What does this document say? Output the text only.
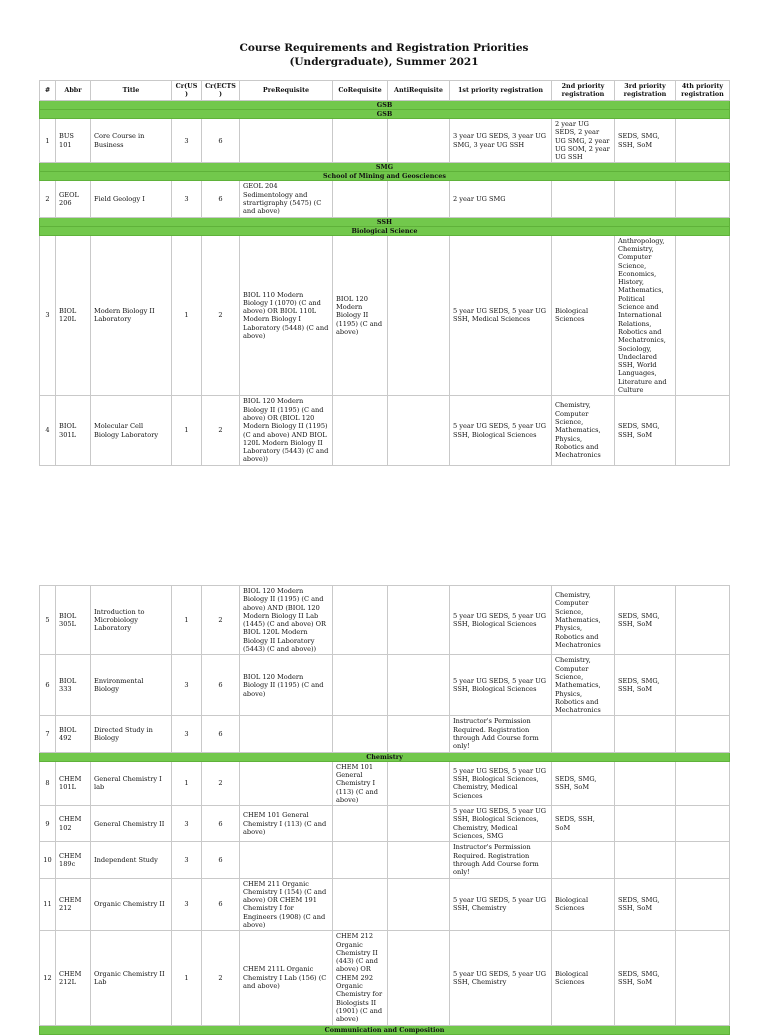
Course Requirements and Registration Priorities
(Undergraduate), Summer 2021
#	Abbr	Title	Cr(US)	Cr(ECTS)	PreRequisite	CoRequisite	AntiRequisite	1st priority registration	2nd priority registration	3rd priority registration	4th priority registration
GSB											
GSB											
1	BUS 101	Core Course in Business	3	6				3 year UG SEDS, 3 year UG SMG, 3 year UG SSH	2 year UG SEDS, 2 year UG SMG, 2 year UG SOM, 2 year UG SSH	SEDS, SMG, SSH, SoM	
SMG											
School of Mining and Geosciences											
2	GEOL 206	Field Geology I	3	6	GEOL 204 Sedimentology and strartigraphy (5475) (C and above)			2 year UG SMG			
SSH											
Biological Science											
3	BIOL 120L	Modern Biology II Laboratory	1	2	BIOL 110 Modern Biology I (1070) (C and above) OR BIOL 110L Modern Biology I Laboratory (5448) (C and above)	BIOL 120 Modern Biology II (1195) (C and above)		5 year UG SEDS, 5 year UG SSH, Medical Sciences	Biological Sciences	Anthropology, Chemistry, Computer Science, Economics, History, Mathematics, Political Science and International Relations, Robotics and Mechatronics, Sociology, Undeclared SSH, World Languages, Literature and Culture	
4	BIOL 301L	Molecular Cell Biology Laboratory	1	2	BIOL 120 Modern Biology II (1195) (C and above) OR (BIOL 120 Modern Biology II (1195) (C and above) AND BIOL 120L Modern Biology II Laboratory (5443) (C and above))			5 year UG SEDS, 5 year UG SSH, Biological Sciences	Chemistry, Computer Science, Mathematics, Physics, Robotics and Mechatronics	SEDS, SMG, SSH, SoM	
5	BIOL 305L	Introduction to Microbiology Laboratory	1	2	BIOL 120 Modern Biology II (1195) (C and above) AND (BIOL 120 Modern Biology II Lab (1445) (C and above) OR BIOL 120L Modern Biology II Laboratory (5443) (C and above))			5 year UG SEDS, 5 year UG SSH, Biological Sciences	Chemistry, Computer Science, Mathematics, Physics, Robotics and Mechatronics	SEDS, SMG, SSH, SoM	
6	BIOL 333	Environmental Biology	3	6	BIOL 120 Modern Biology II (1195) (C and above)			5 year UG SEDS, 5 year UG SSH, Biological Sciences	Chemistry, Computer Science, Mathematics, Physics, Robotics and Mechatronics	SEDS, SMG, SSH, SoM	
7	BIOL 492	Directed Study in Biology	3	6				Instructor's Permission Required. Registration through Add Course form only!			
Chemistry											
8	CHEM 101L	General Chemistry I lab	1	2		CHEM 101 General Chemistry I (113) (C and above)		5 year UG SEDS, 5 year UG SSH, Biological Sciences, Chemistry, Medical Sciences	SEDS, SMG, SSH, SoM		
9	CHEM 102	General Chemistry II	3	6	CHEM 101 General Chemistry I (113) (C and above)			5 year UG SEDS, 5 year UG SSH, Biological Sciences, Chemistry, Medical Sciences, SMG	SEDS, SSH, SoM		
10	CHEM 189c	Independent Study	3	6				Instructor's Permission Required. Registration through Add Course form only!			
11	CHEM 212	Organic Chemistry II	3	6	CHEM 211 Organic Chemistry I (154) (C and above) OR CHEM 191 Chemistry I for Engineers (1908) (C and above)			5 year UG SEDS, 5 year UG SSH, Chemistry	Biological Sciences	SEDS, SMG, SSH, SoM	
12	CHEM 212L	Organic Chemistry II Lab	1	2	CHEM 211L Organic Chemistry I Lab (156) (C and above)	CHEM 212 Organic Chemistry II (443) (C and above) OR CHEM 292 Organic Chemistry for Biologists II (1901) (C and above)		5 year UG SEDS, 5 year UG SSH, Chemistry	Biological Sciences	SEDS, SMG, SSH, SoM	
Communication and Composition											
